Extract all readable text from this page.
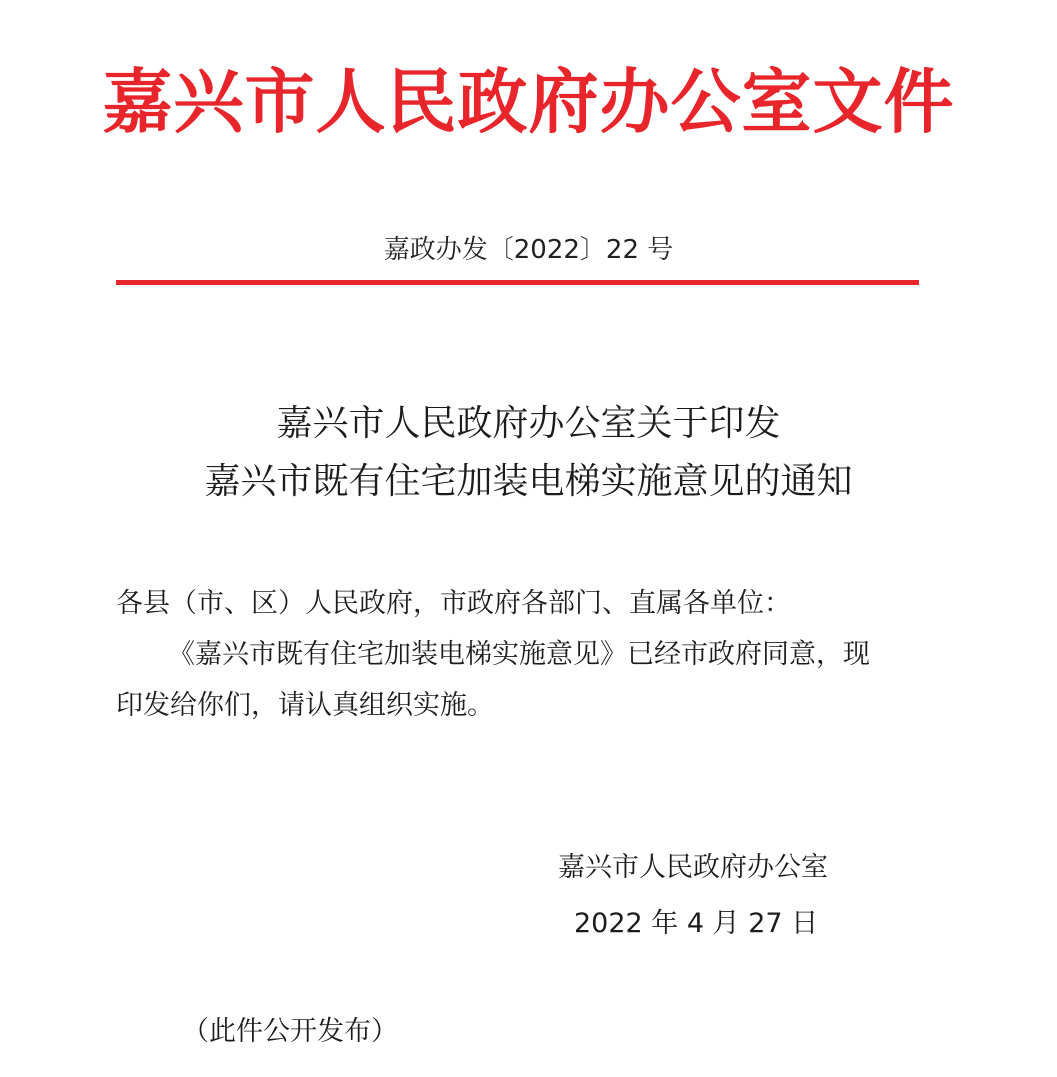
嘉兴市人民政府办公室文件
嘉政办发〔2022〕22 号
嘉兴市人民政府办公室关于印发
嘉兴市既有住宅加装电梯实施意见的通知
各县（市、区）人民政府，市政府各部门、直属各单位：
《嘉兴市既有住宅加装电梯实施意见》已经市政府同意，现
印发给你们，请认真组织实施。
嘉兴市人民政府办公室
2022 年 4 月 27 日
（此件公开发布）
